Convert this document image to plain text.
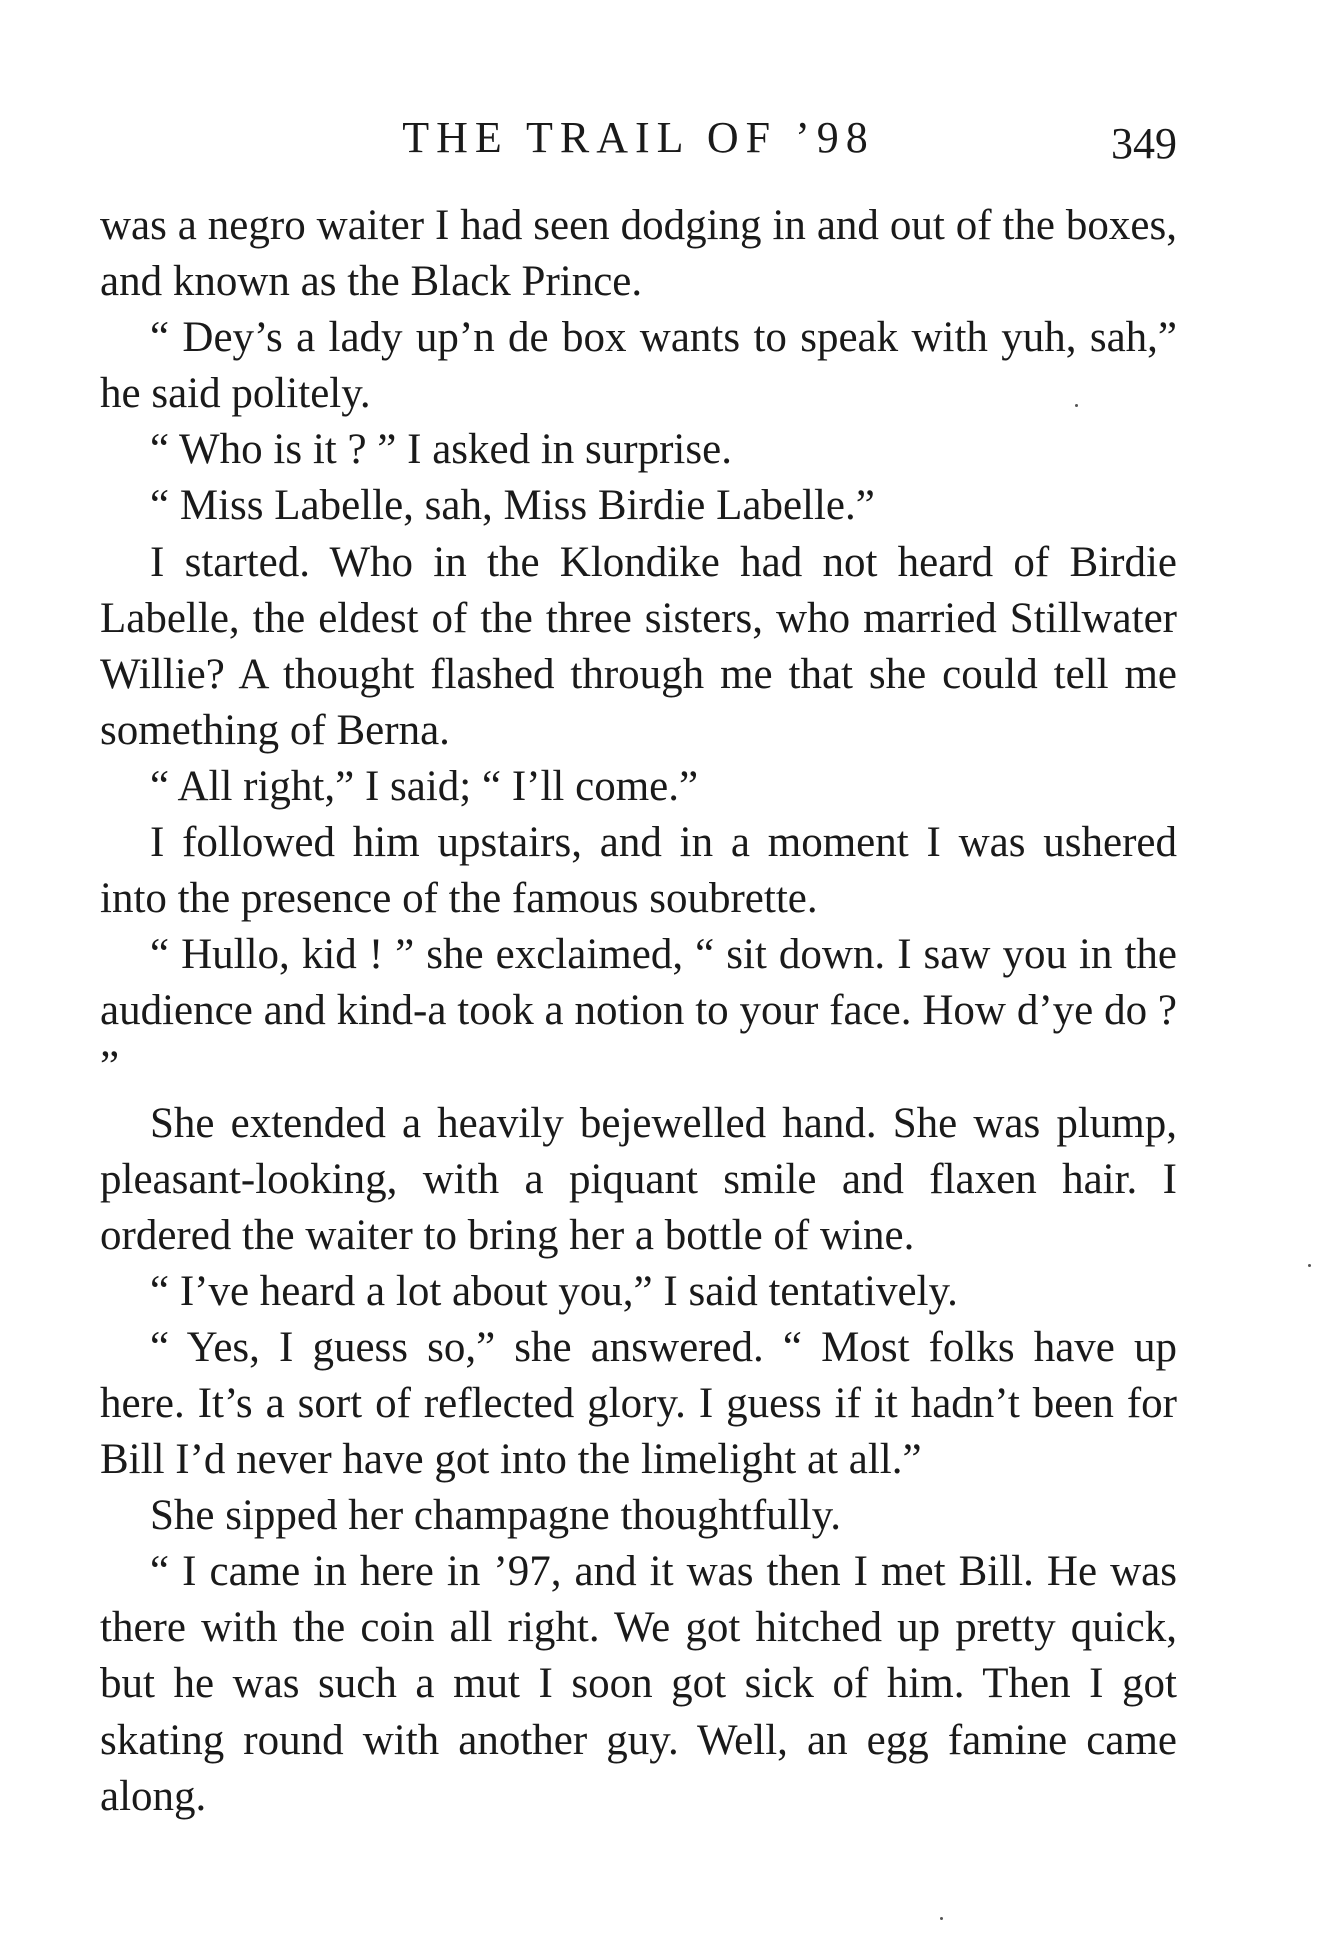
THE TRAIL OF ’98	349

was a negro waiter I had seen dodging in and out of the boxes, and known as the Black Prince.

“ Dey’s a lady up’n de box wants to speak with yuh, sah,” he said politely.

“ Who is it ? ” I asked in surprise.

“ Miss Labelle, sah, Miss Birdie Labelle.”

I started. Who in the Klondike had not heard of Birdie Labelle, the eldest of the three sisters, who married Stillwater Willie? A thought flashed through me that she could tell me something of Berna.

“ All right,” I said; “ I’ll come.”

I followed him upstairs, and in a moment I was ushered into the presence of the famous soubrette.

“ Hullo, kid ! ” she exclaimed, “ sit down. I saw you in the audience and kind-a took a notion to your face. How d’ye do ? ”

She extended a heavily bejewelled hand. She was plump, pleasant-looking, with a piquant smile and flaxen hair. I ordered the waiter to bring her a bottle of wine.

“ I’ve heard a lot about you,” I said tentatively.

“ Yes, I guess so,” she answered. “ Most folks have up here. It’s a sort of reflected glory. I guess if it hadn’t been for Bill I’d never have got into the limelight at all.”

She sipped her champagne thoughtfully.

“ I came in here in ’97, and it was then I met Bill. He was there with the coin all right. We got hitched up pretty quick, but he was such a mut I soon got sick of him. Then I got skating round with another guy. Well, an egg famine came along.
